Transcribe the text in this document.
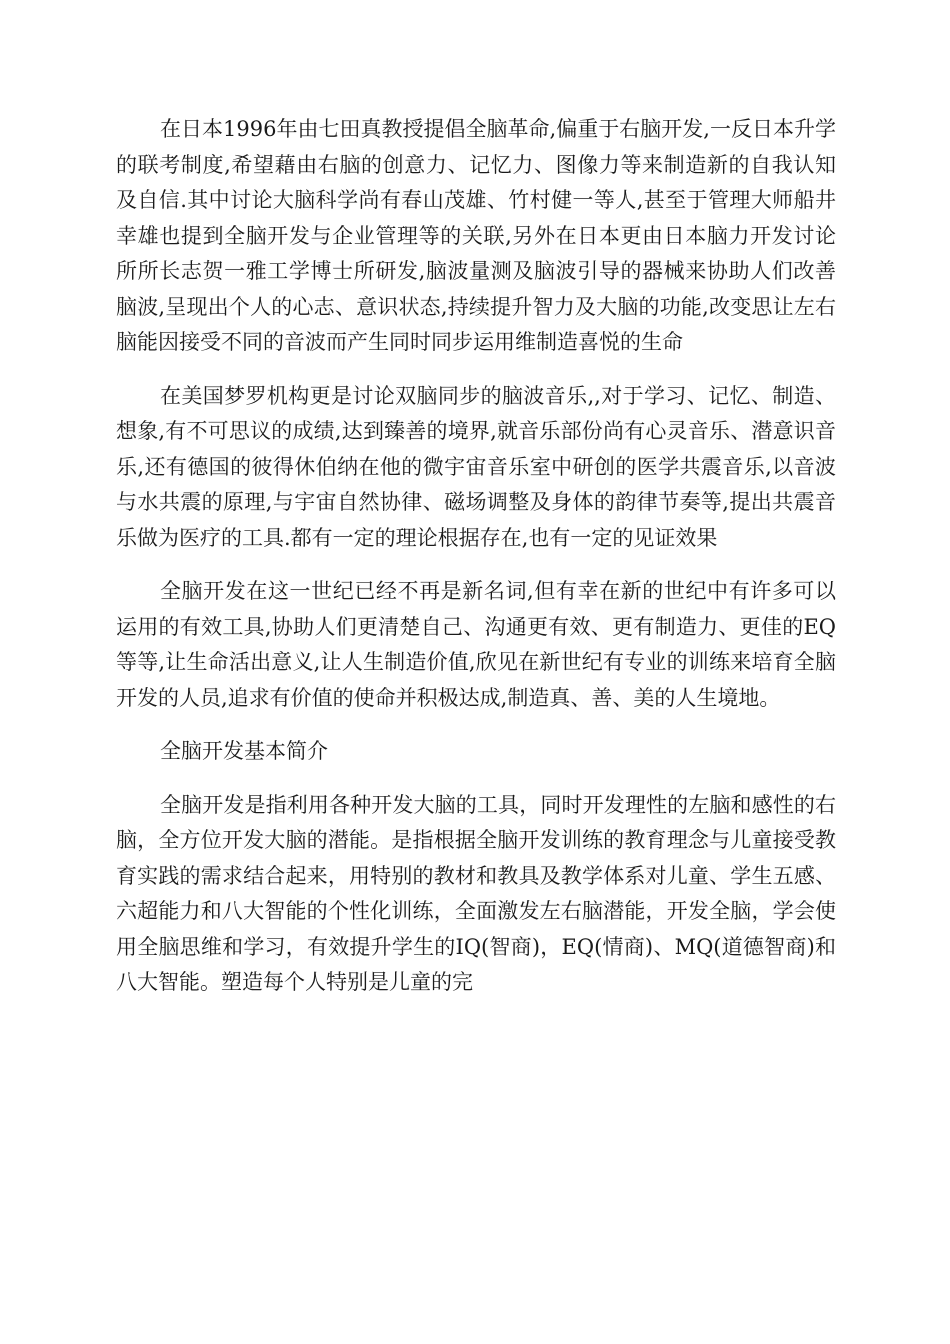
在日本1996年由七田真教授提倡全脑革命,偏重于右脑开发,一反日本升学的联考制度,希望藉由右脑的创意力、记忆力、图像力等来制造新的自我认知及自信.其中讨论大脑科学尚有春山茂雄、竹村健一等人,甚至于管理大师船井幸雄也提到全脑开发与企业管理等的关联,另外在日本更由日本脑力开发讨论所所长志贺一雅工学博士所研发,脑波量测及脑波引导的器械来协助人们改善脑波,呈现出个人的心志、意识状态,持续提升智力及大脑的功能,改变思让左右脑能因接受不同的音波而产生同时同步运用维制造喜悦的生命

在美国梦罗机构更是讨论双脑同步的脑波音乐,,对于学习、记忆、制造、想象,有不可思议的成绩,达到臻善的境界,就音乐部份尚有心灵音乐、潜意识音乐,还有德国的彼得休伯纳在他的微宇宙音乐室中研创的医学共震音乐,以音波与水共震的原理,与宇宙自然协律、磁场调整及身体的韵律节奏等,提出共震音乐做为医疗的工具.都有一定的理论根据存在,也有一定的见证效果

全脑开发在这一世纪已经不再是新名词,但有幸在新的世纪中有许多可以运用的有效工具,协助人们更清楚自己、沟通更有效、更有制造力、更佳的EQ等等,让生命活出意义,让人生制造价值,欣见在新世纪有专业的训练来培育全脑开发的人员,追求有价值的使命并积极达成,制造真、善、美的人生境地。

全脑开发基本简介

全脑开发是指利用各种开发大脑的工具，同时开发理性的左脑和感性的右脑，全方位开发大脑的潜能。是指根据全脑开发训练的教育理念与儿童接受教育实践的需求结合起来，用特别的教材和教具及教学体系对儿童、学生五感、六超能力和八大智能的个性化训练，全面激发左右脑潜能，开发全脑，学会使用全脑思维和学习，有效提升学生的IQ(智商)，EQ(情商)、MQ(道德智商)和八大智能。塑造每个人特别是儿童的完
